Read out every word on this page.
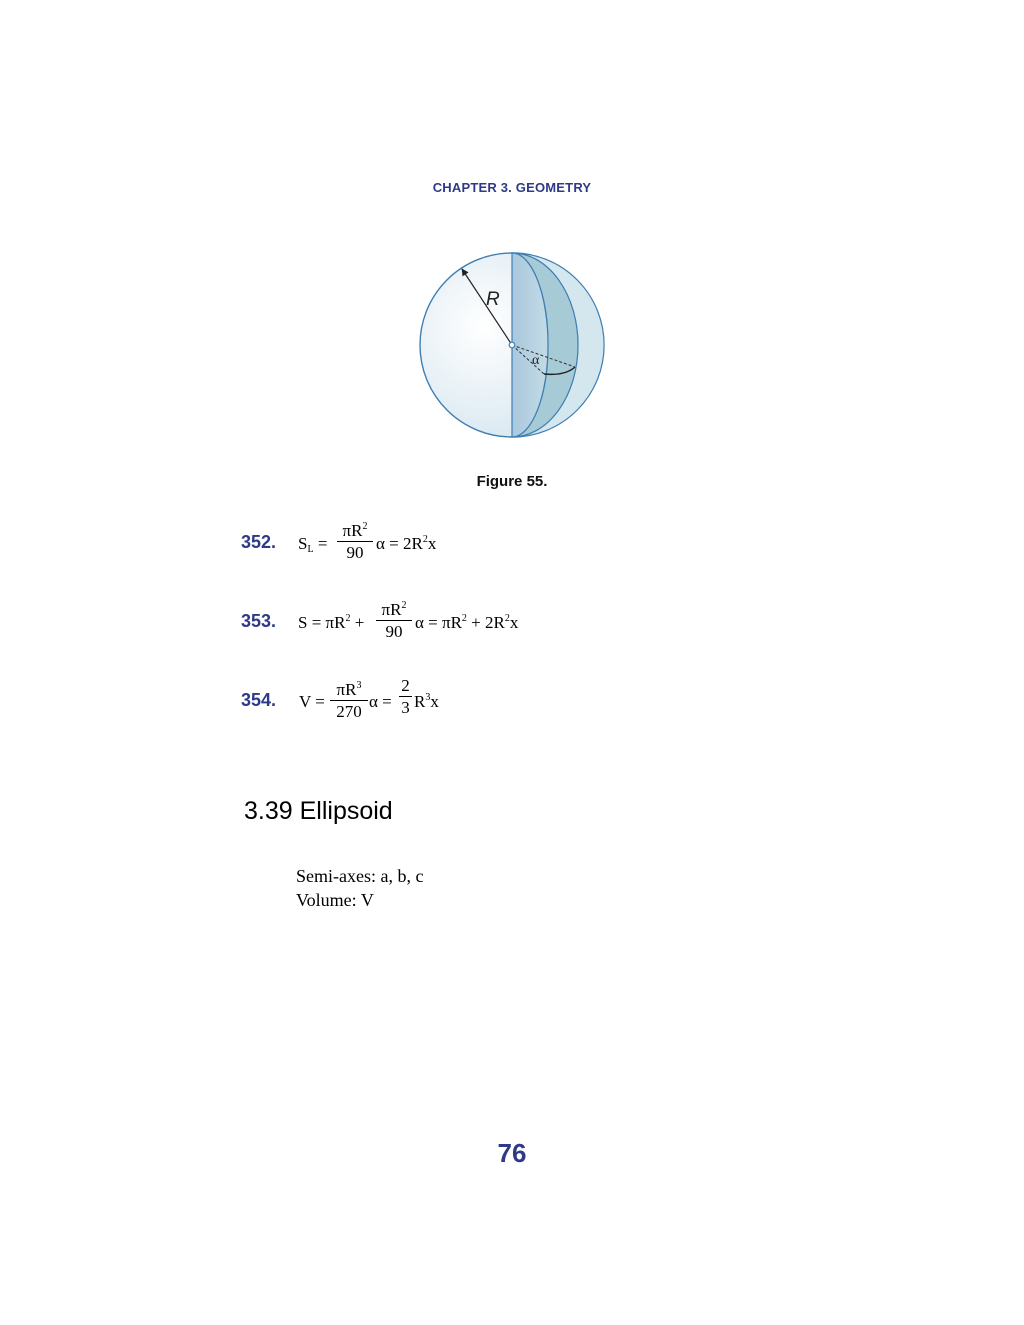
CHAPTER 3. GEOMETRY
R
α
Figure 55.
352. $S_L$ =
$\pi R^2$
90 $\alpha = 2R^2x$
353. $S = \pi R^2$ +
$\pi R^2$
90 $\alpha = \pi R^2 + 2R^2x$
354. V =
$\pi R^3$
270
α =
2
3 $R^3x$
3.39 Ellipsoid
Semi-axes: a, b, c
Volume: V
76
